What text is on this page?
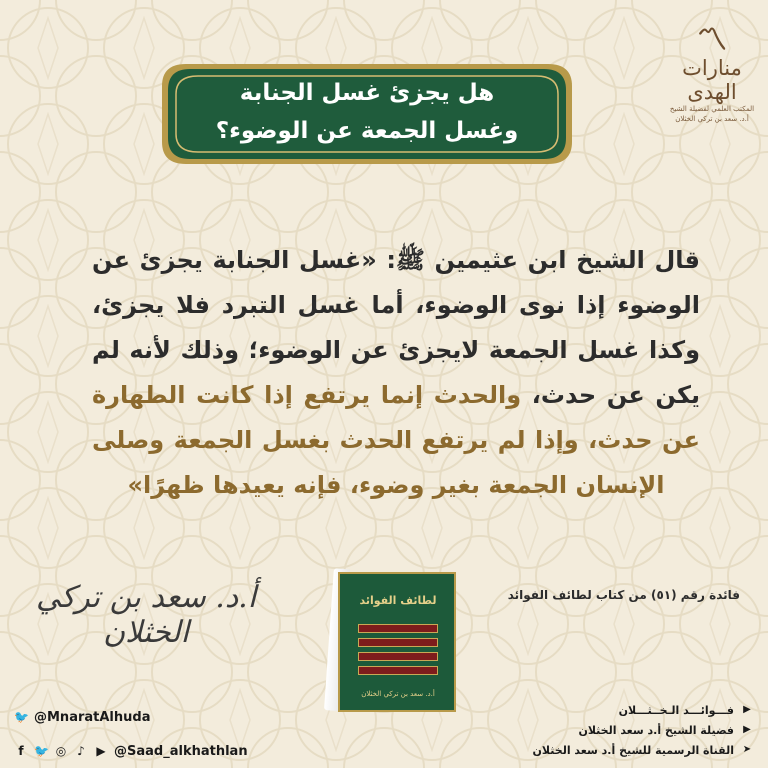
〽
منارات الهدى
المكتب العلمي لفضيلة الشيخ
أ.د. سعد بن تركي الخثلان
هل يجزئ غسل الجنابة
وغسل الجمعة عن الوضوء؟
قال الشيخ ابن عثيمين ﷺ: «غسل الجنابة يجزئ عن الوضوء إذا نوى الوضوء، أما غسل التبرد فلا يجزئ، وكذا غسل الجمعة لايجزئ عن الوضوء؛ وذلك لأنه لم يكن عن حدث، والحدث إنما يرتفع إذا كانت الطهارة عن حدث، وإذا لم يرتفع الحدث بغسل الجمعة وصلى الإنسان الجمعة بغير وضوء، فإنه يعيدها ظهرًا»
أ.د. سعد بن تركي الخثلان
لطائف الفوائد
أ.د. سعد بن تركي الخثلان
فائدة رقم (٥١) من كتاب لطائف الفوائد
🐦 @MnaratAlhuda
f 🐦 ◎ ♪ ▶ @Saad_alkhathlan
▶
فـــوائـــد الـخــثـــلان
▶
فضيلة الشيخ أ.د سعد الخثلان
➤
القناة الرسمية للشيخ أ.د سعد الخثلان
